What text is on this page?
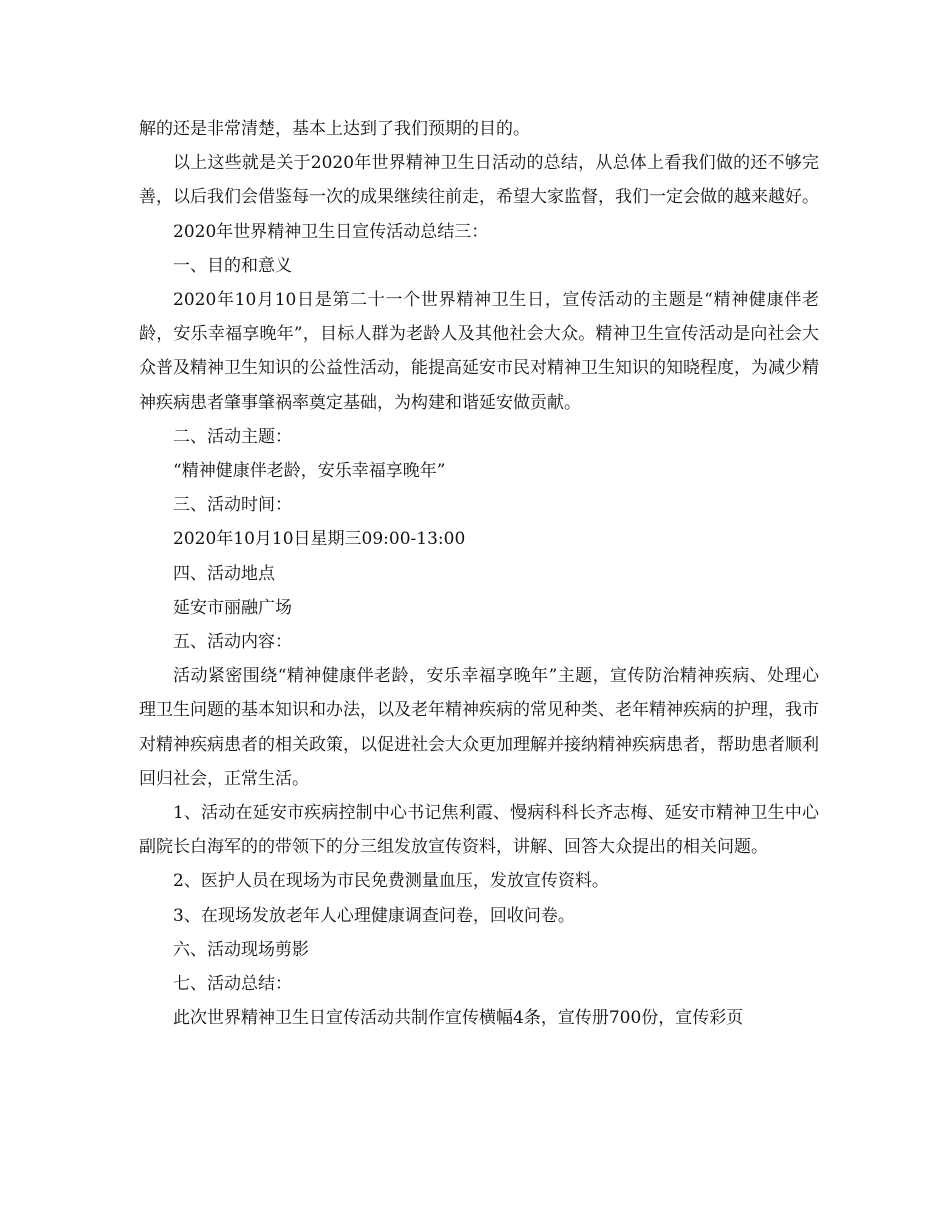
解的还是非常清楚，基本上达到了我们预期的目的。

以上这些就是关于2020年世界精神卫生日活动的总结，从总体上看我们做的还不够完善，以后我们会借鉴每一次的成果继续往前走，希望大家监督，我们一定会做的越来越好。

2020年世界精神卫生日宣传活动总结三：

一、目的和意义

2020年10月10日是第二十一个世界精神卫生日，宣传活动的主题是“精神健康伴老龄，安乐幸福享晚年”，目标人群为老龄人及其他社会大众。精神卫生宣传活动是向社会大众普及精神卫生知识的公益性活动，能提高延安市民对精神卫生知识的知晓程度，为减少精神疾病患者肇事肇祸率奠定基础，为构建和谐延安做贡献。

二、活动主题：

“精神健康伴老龄，安乐幸福享晚年”

三、活动时间：

2020年10月10日星期三09:00-13:00

四、活动地点

延安市丽融广场

五、活动内容：

活动紧密围绕“精神健康伴老龄，安乐幸福享晚年”主题，宣传防治精神疾病、处理心理卫生问题的基本知识和办法，以及老年精神疾病的常见种类、老年精神疾病的护理，我市对精神疾病患者的相关政策，以促进社会大众更加理解并接纳精神疾病患者，帮助患者顺利回归社会，正常生活。

1、活动在延安市疾病控制中心书记焦利霞、慢病科科长齐志梅、延安市精神卫生中心副院长白海军的的带领下的分三组发放宣传资料，讲解、回答大众提出的相关问题。

2、医护人员在现场为市民免费测量血压，发放宣传资料。

3、在现场发放老年人心理健康调查问卷，回收问卷。

六、活动现场剪影

七、活动总结：

此次世界精神卫生日宣传活动共制作宣传横幅4条，宣传册700份，宣传彩页
